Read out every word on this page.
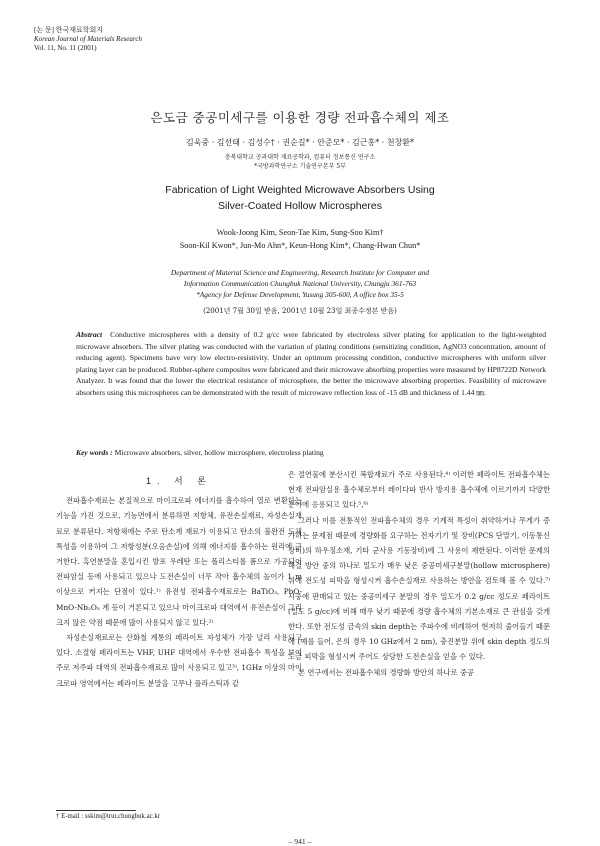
[논 문] 한국재료학회지
Korean Journal of Materials Research
Vol. 11, No. 11 (2001)
은도금 중공미세구를 이용한 경량 전파흡수체의 제조
김욱중 · 김선태 · 김성수† · 권순길* · 안준모* · 김근홍* · 천창환*
충북대학교 공과대학 재료공학과, 컴퓨터 정보통신 연구소
*국방과학연구소 기술연구본부 5부
Fabrication of Light Weighted Microwave Absorbers Using
Silver-Coated Hollow Microspheres
Wook-Joong Kim, Seon-Tae Kim, Sung-Soo Kim†
Soon-Kil Kwon*, Jun-Mo Ahn*, Keun-Hong Kim*, Chang-Hwan Chun*
Department of Material Science and Engineering, Research Institute for Computer and
Information Communication Chungbuk National University, Chungju 361-763
*Agency for Defense Development, Yusung 305-600, A office box 35-5
(2001년 7월 30일 받음, 2001년 10월 23일 최종수정본 받음)
Abstract Conductive microspheres with a density of 0.2 g/cc were fabricated by electroless silver plating for application to the light-weighted microwave absorbers. The silver plating was conducted with the variation of plating conditions (sensitizing condition, AgNO3 concentration, amount of reducing agent). Specimens have very low electro-resistivity. Under an optimum processing condition, conductive microspheres with uniform silver plating layer can be produced. Rubber-sphere composites were fabricated and their microwave absorbing properties were measured by HP8722D Network Analyzer. It was found that the lower the electrical resistance of microsphere, the better the microwave absorbing properties. Feasibility of microwave absorbers using this microspheres can be demonstrated with the result of microwave reflection loss of -15 dB and thickness of 1.44 ㎜.
Key words : Microwave absorbers, silver, hollow microsphere, electroless plating
1. 서 론

전파흡수재료는 본질적으로 마이크로파 에너지를 흡수하여 열로 변환하는 기능을 가진 것으로, 기능면에서 분류하면 저항체, 유전손실재료, 자성손실재료로 분류된다. 저항체에는 주로 탄소계 재료가 이용되고 탄소의 불완전 도체 특성을 이용하여 그 저항성분(오옴손실)에 의해 에너지를 흡수하는 원리에 근거한다. 흑연분말을 혼입시킨 발포 우레탄 또는 폴리스티롤 폼으로 가공되어 전파암실 등에 사용되고 있으나 도전손실이 너무 작아 흡수체의 높이가 1 m 이상으로 커지는 단점이 있다.¹⁾ 유전성 전파흡수재료로는 BaTiO₃, PbO-MnO-Nb₂O₅ 계 등이 거론되고 있으나 마이크로파 대역에서 유전손실이 그리 크지 않은 약점 때문에 많이 사용되지 않고 있다.²⁾

자성손실재료로는 산화철 계통의 페라이트 자성체가 가장 널리 사용되고 있다. 소결형 페라이트는 VHF, UHF 대역에서 우수한 전파흡수 특성을 보여 주로 저주파 대역의 전파흡수재료로 많이 사용되고 있고³⁾, 1GHz 이상의 마이크로파 영역에서는 페라이트 분말을 고무나 플라스틱과 같

은 절연물에 분산시킨 복합재료가 주로 사용된다.⁴⁾ 이러한 페라이트 전파흡수체는 현재 전파암실용 흡수체로부터 레이다파 반사 방지용 흡수체에 이르기까지 다양한 분야에 응용되고 있다.⁵,⁶⁾

그러나 이를 전통적인 전파흡수체의 경우 기계적 특성이 취약하거나 무게가 증가하는 문제점 때문에 경량화를 요구하는 전자기기 및 장비(PCS 단말기, 이동통신장비)의 하우징소재, 기타 군사용 기동장비)에 그 사용이 제한된다. 이러한 문제의 해결 방안 중의 하나로 밀도가 매우 낮은 중공미세구분말(hollow microsphere) 위에 전도성 피막을 형성시켜 흡수손실재로 사용하는 방안을 검토해 볼 수 있다.⁷⁾ 시중에 판매되고 있는 중공미세구 분말의 경우 밀도가 0.2 g/cc 정도로 페라이트 (밀도 5 g/cc)에 비해 매우 낮기 때문에 경량 흡수체의 기본소재로 큰 관심을 갖게 한다. 또한 전도성 금속의 skin depth는 주파수에 비례하여 현저히 줄어들기 때문에 (예를 들어, 은의 경우 10 GHz에서 2 nm), 충진분말 위에 skin depth 정도의 도금 피막을 형성시켜 주어도 상당한 도전손실을 얻을 수 있다.

본 연구에서는 전파흡수체의 경량화 방안의 하나로 중공

† E-mail : sskim@trut.chungbuk.ac.kr
– 941 –
